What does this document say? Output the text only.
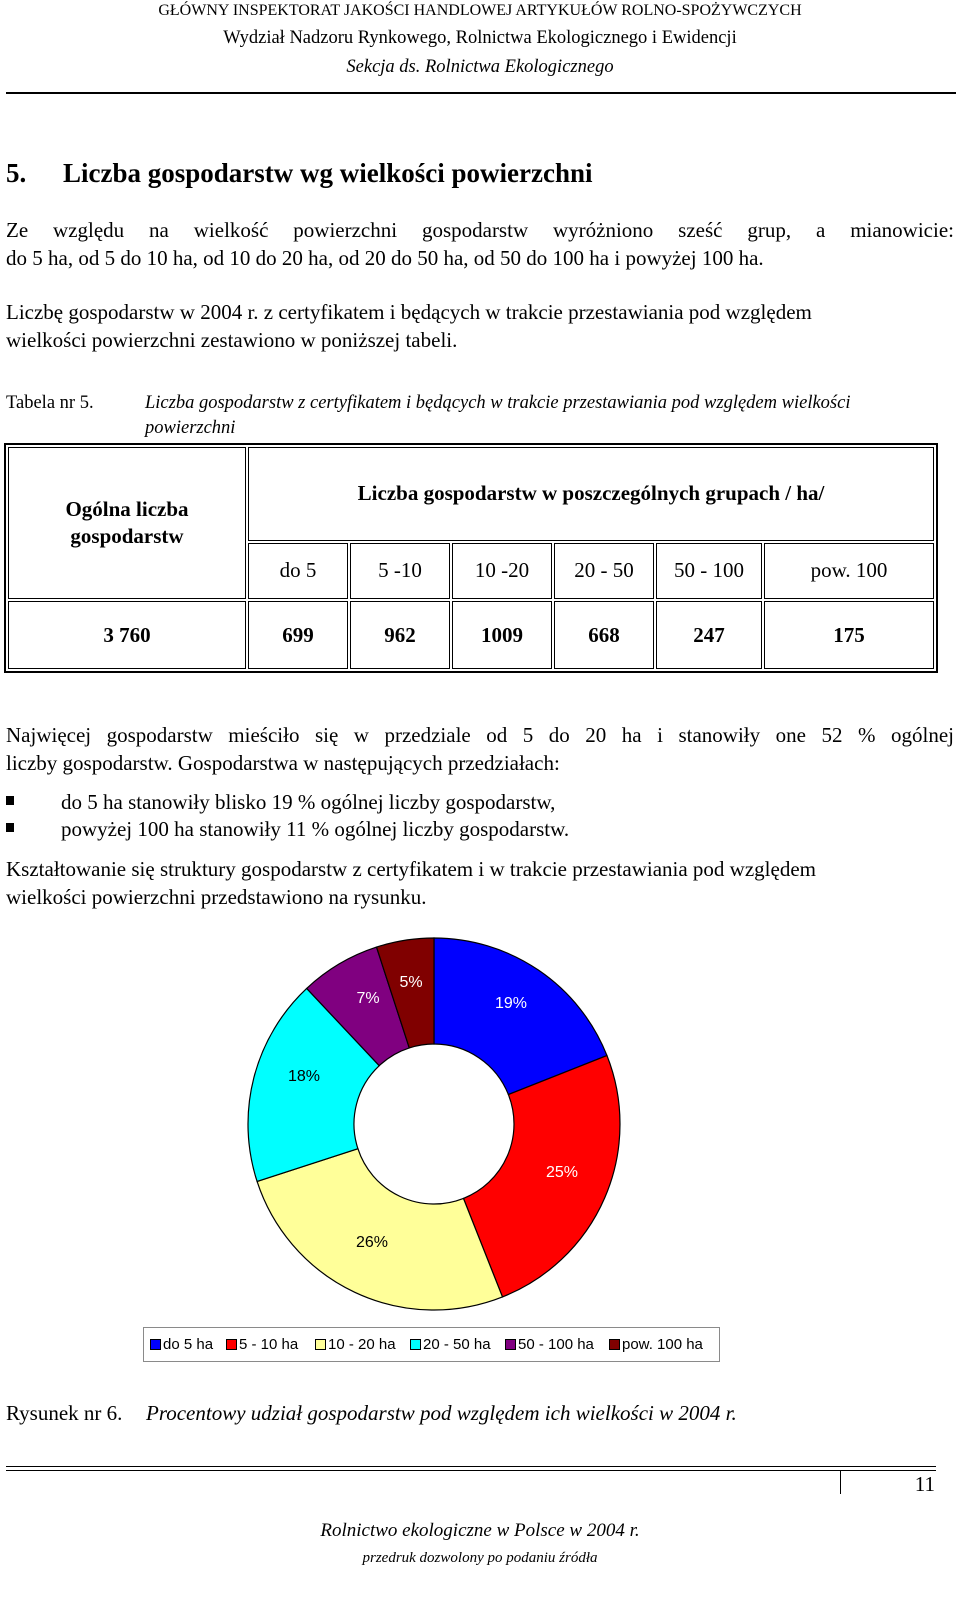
GŁÓWNY INSPEKTORAT JAKOŚCI HANDLOWEJ ARTYKUŁÓW ROLNO-SPOŻYWCZYCH
Wydział Nadzoru Rynkowego, Rolnictwa Ekologicznego i Ewidencji
Sekcja ds. Rolnictwa Ekologicznego
5. Liczba gospodarstw wg wielkości powierzchni
Ze względu na wielkość powierzchni gospodarstw wyróżniono sześć grup, a mianowicie:
do 5 ha, od 5 do 10 ha, od 10 do 20 ha, od 20 do 50 ha, od 50 do 100 ha i powyżej 100 ha.
Liczbę gospodarstw w 2004 r. z certyfikatem i będących w trakcie przestawiania pod względem
wielkości powierzchni zestawiono w poniższej tabeli.
Tabela nr 5.	Liczba gospodarstw z certyfikatem i będących w trakcie przestawiania pod względem wielkości powierzchni
Ogólna liczba gospodarstw	Liczba gospodarstw w poszczególnych grupach / ha/					
	do 5	5 -10	10 -20	20 - 50	50 - 100	pow. 100
3 760	699	962	1009	668	247	175
Najwięcej gospodarstw mieściło się w przedziale od 5 do 20 ha i stanowiły one 52 % ogólnej
liczby gospodarstw. Gospodarstwa w następujących przedziałach:
do 5 ha stanowiły blisko 19 % ogólnej liczby gospodarstw,
powyżej 100 ha stanowiły 11 % ogólnej liczby gospodarstw.
Kształtowanie się struktury gospodarstw z certyfikatem i w trakcie przestawiania pod względem
wielkości powierzchni przedstawiono na rysunku.
19%
25%
26%
18%
7%
5%
do 5 ha 5 - 10 ha 10 - 20 ha 20 - 50 ha 50 - 100 ha pow. 100 ha
Rysunek nr 6. Procentowy udział gospodarstw pod względem ich wielkości w 2004 r.
11
Rolnictwo ekologiczne w Polsce w 2004 r.
przedruk dozwolony po podaniu źródła
